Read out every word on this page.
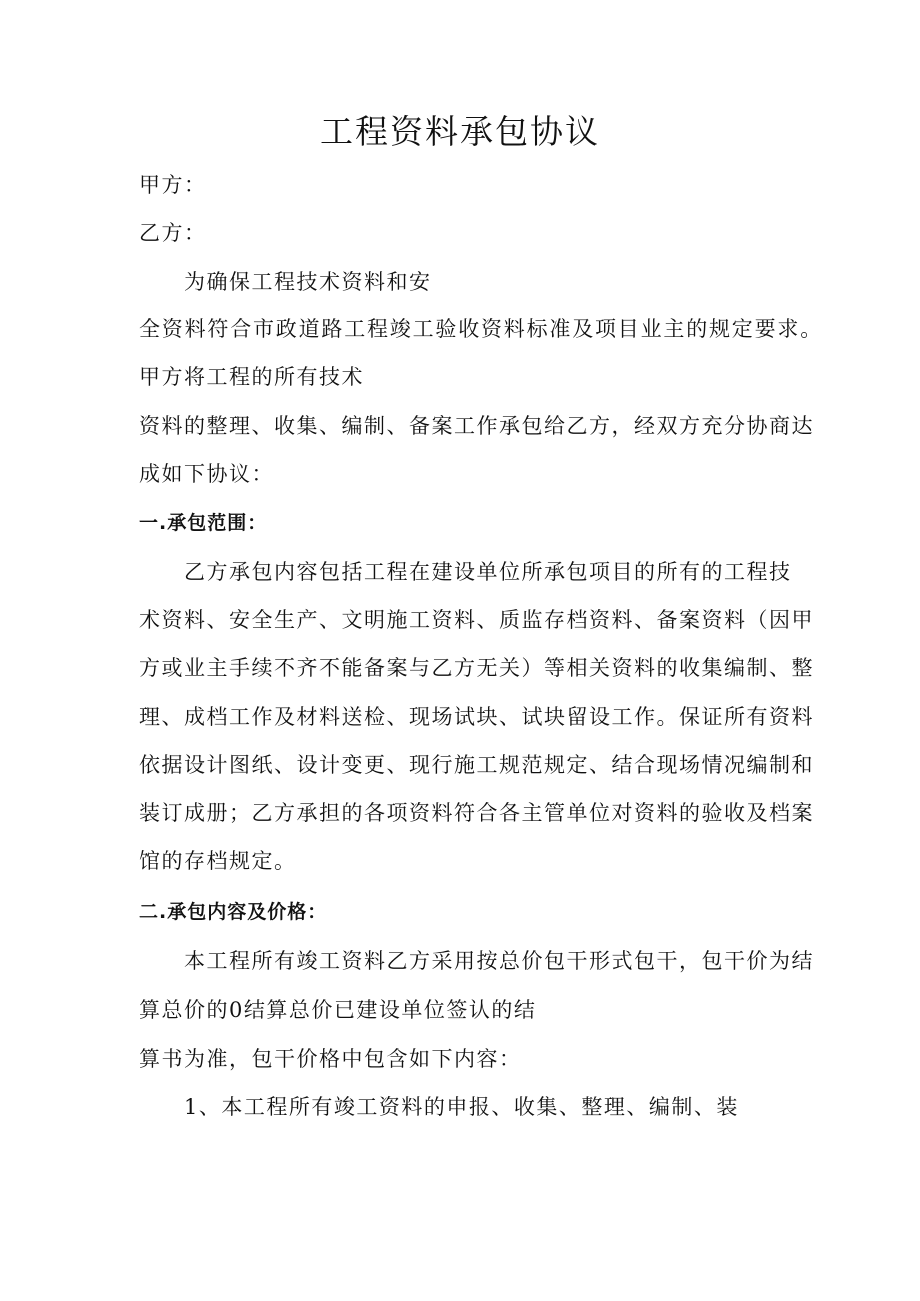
工程资料承包协议
甲方：
乙方：
为确保工程技术资料和安
全资料符合市政道路工程竣工验收资料标准及项目业主的规定要求。
甲方将工程的所有技术
资料的整理、收集、编制、备案工作承包给乙方，经双方充分协商达
成如下协议：
一.承包范围：
乙方承包内容包括工程在建设单位所承包项目的所有的工程技
术资料、安全生产、文明施工资料、质监存档资料、备案资料（因甲
方或业主手续不齐不能备案与乙方无关）等相关资料的收集编制、整
理、成档工作及材料送检、现场试块、试块留设工作。保证所有资料
依据设计图纸、设计变更、现行施工规范规定、结合现场情况编制和
装订成册；乙方承担的各项资料符合各主管单位对资料的验收及档案
馆的存档规定。
二.承包内容及价格：
本工程所有竣工资料乙方采用按总价包干形式包干，包干价为结
算总价的0结算总价已建设单位签认的结
算书为准，包干价格中包含如下内容：
1、本工程所有竣工资料的申报、收集、整理、编制、装
